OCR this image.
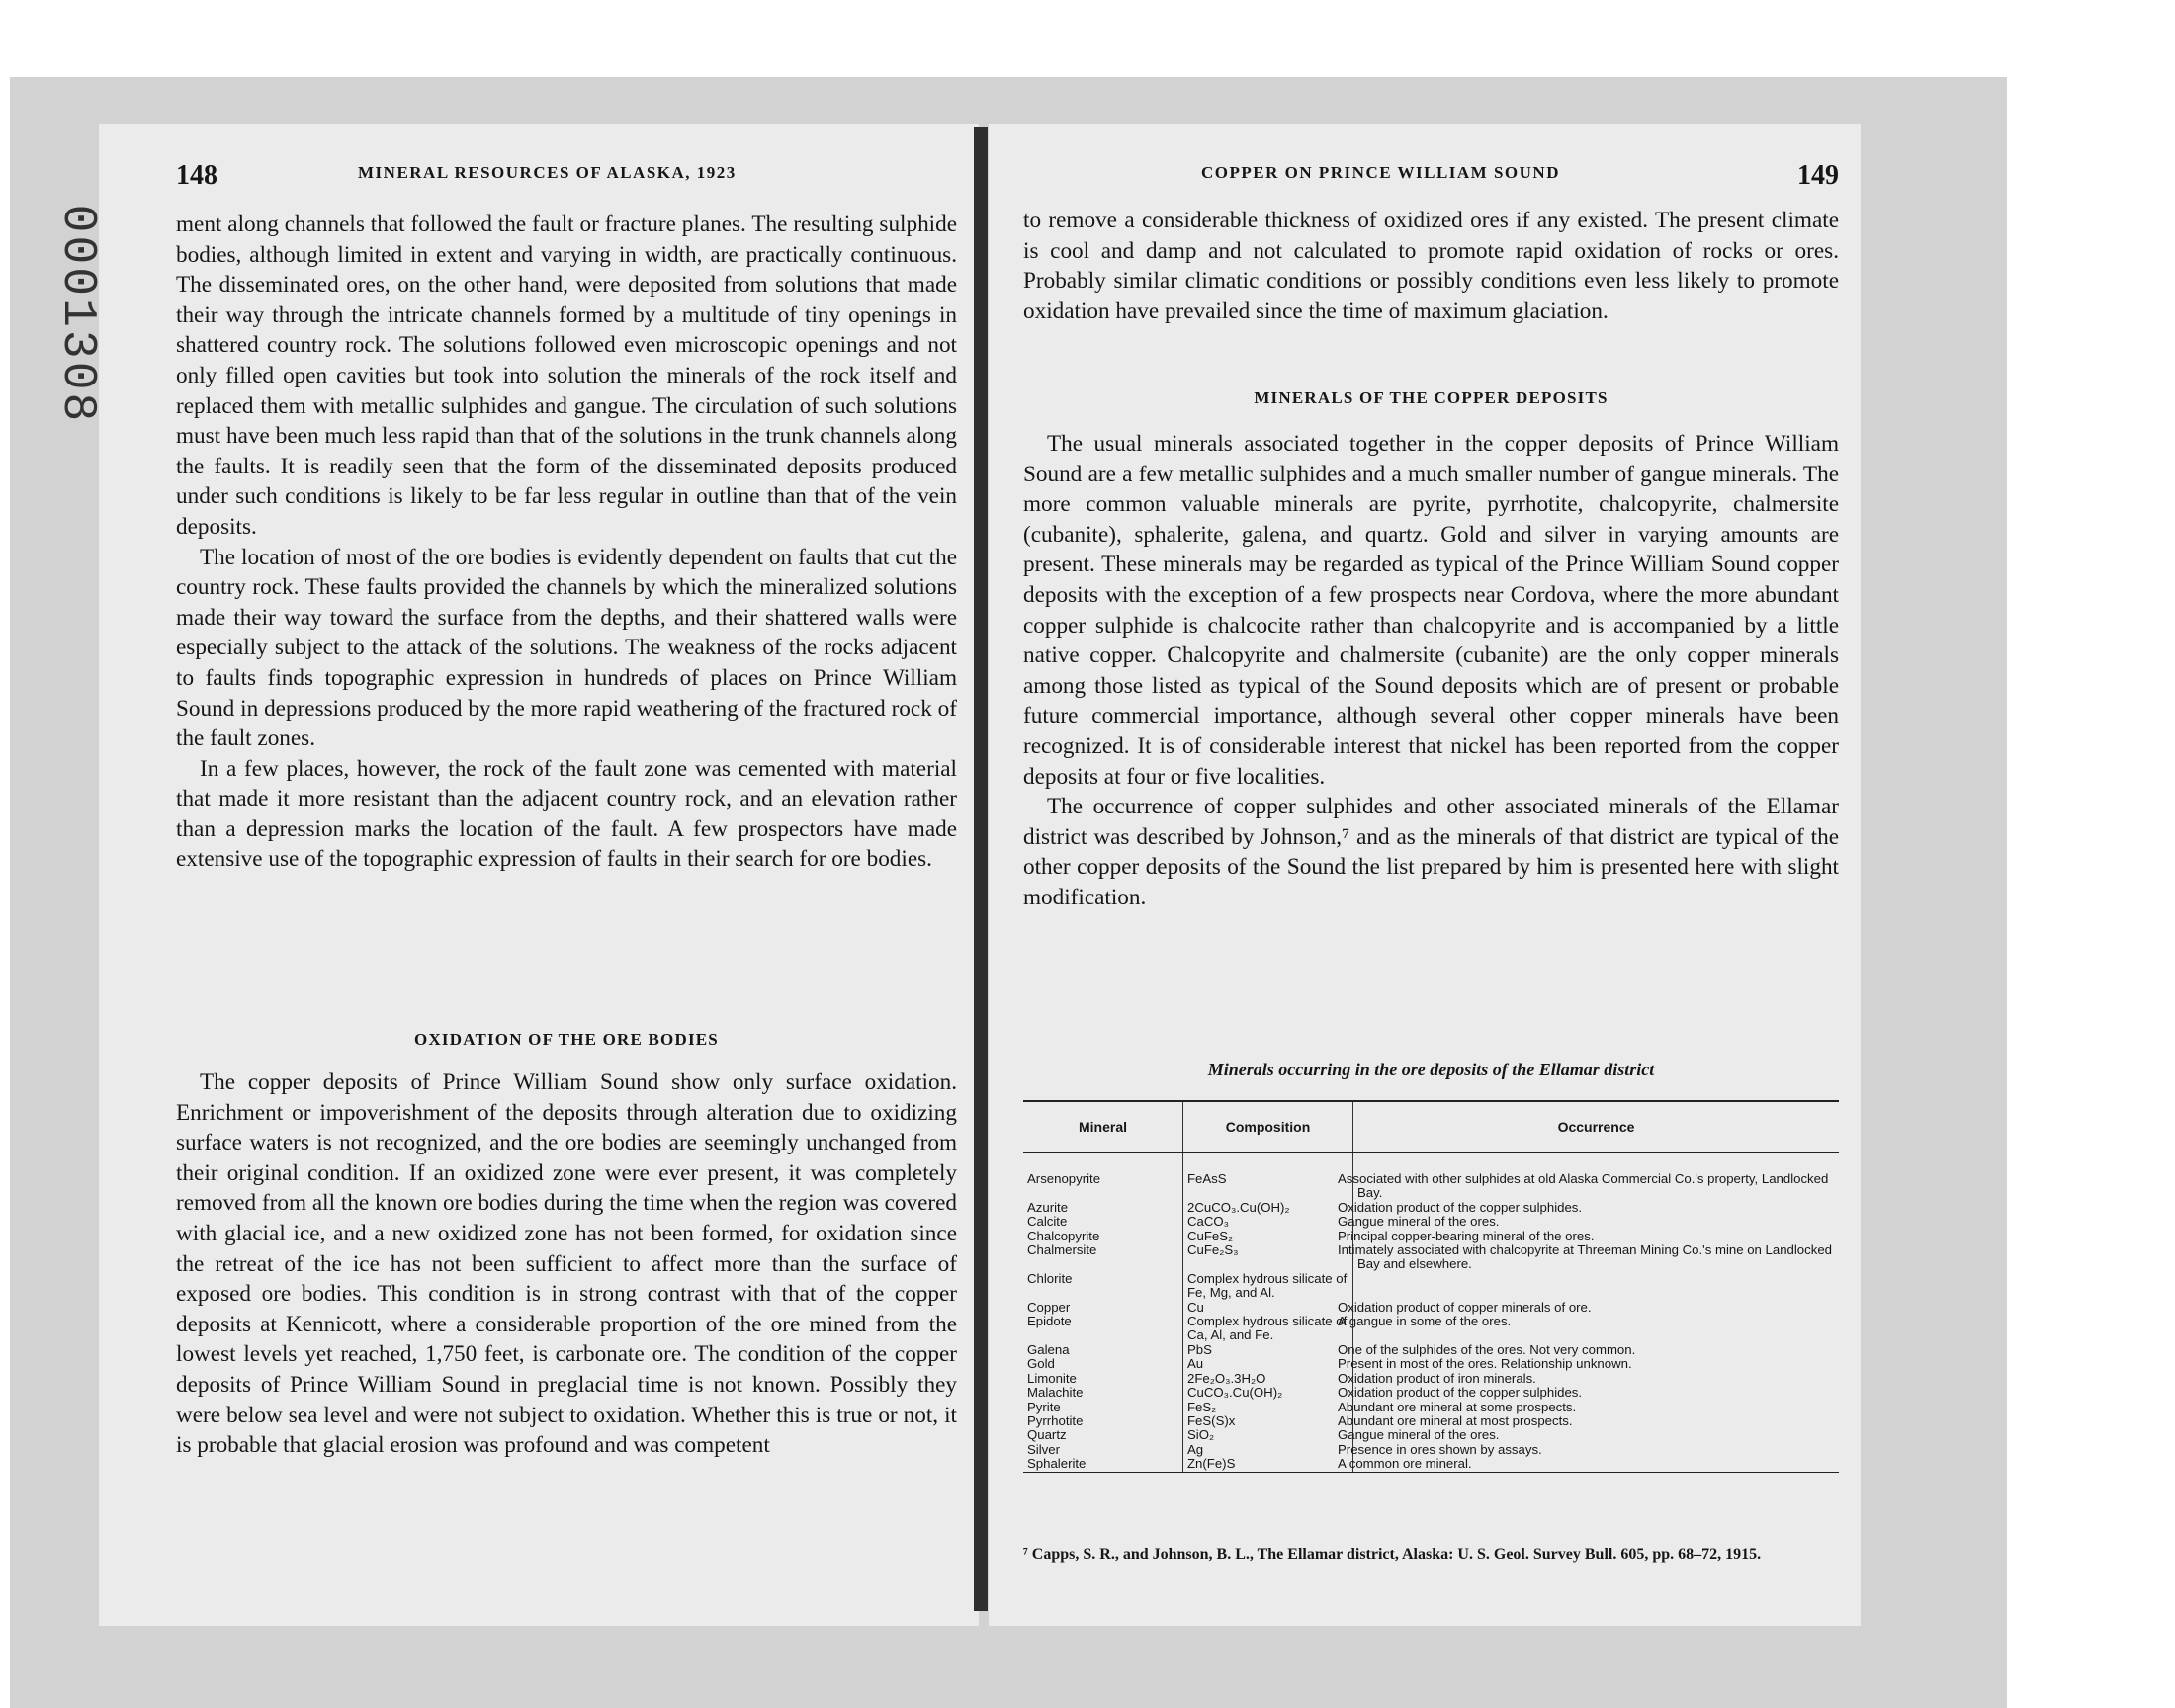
0001308
148	MINERAL RESOURCES OF ALASKA, 1923

ment along channels that followed the fault or fracture planes. The resulting sulphide bodies, although limited in extent and varying in width, are practically continuous. The disseminated ores, on the other hand, were deposited from solutions that made their way through the intricate channels formed by a multitude of tiny openings in shattered country rock. The solutions followed even microscopic openings and not only filled open cavities but took into solution the minerals of the rock itself and replaced them with metallic sulphides and gangue. The circulation of such solutions must have been much less rapid than that of the solutions in the trunk channels along the faults. It is readily seen that the form of the disseminated deposits produced under such conditions is likely to be far less regular in outline than that of the vein deposits.

The location of most of the ore bodies is evidently dependent on faults that cut the country rock. These faults provided the channels by which the mineralized solutions made their way toward the surface from the depths, and their shattered walls were especially subject to the attack of the solutions. The weakness of the rocks adjacent to faults finds topographic expression in hundreds of places on Prince William Sound in depressions produced by the more rapid weathering of the fractured rock of the fault zones.

In a few places, however, the rock of the fault zone was cemented with material that made it more resistant than the adjacent country rock, and an elevation rather than a depression marks the location of the fault. A few prospectors have made extensive use of the topographic expression of faults in their search for ore bodies.

OXIDATION OF THE ORE BODIES

The copper deposits of Prince William Sound show only surface oxidation. Enrichment or impoverishment of the deposits through alteration due to oxidizing surface waters is not recognized, and the ore bodies are seemingly unchanged from their original condition. If an oxidized zone were ever present, it was completely removed from all the known ore bodies during the time when the region was covered with glacial ice, and a new oxidized zone has not been formed, for oxidation since the retreat of the ice has not been sufficient to affect more than the surface of exposed ore bodies. This condition is in strong contrast with that of the copper deposits at Kennicott, where a considerable proportion of the ore mined from the lowest levels yet reached, 1,750 feet, is carbonate ore. The condition of the copper deposits of Prince William Sound in preglacial time is not known. Possibly they were below sea level and were not subject to oxidation. Whether this is true or not, it is probable that glacial erosion was profound and was competent

COPPER ON PRINCE WILLIAM SOUND	149

to remove a considerable thickness of oxidized ores if any existed. The present climate is cool and damp and not calculated to promote rapid oxidation of rocks or ores. Probably similar climatic conditions or possibly conditions even less likely to promote oxidation have prevailed since the time of maximum glaciation.

MINERALS OF THE COPPER DEPOSITS

The usual minerals associated together in the copper deposits of Prince William Sound are a few metallic sulphides and a much smaller number of gangue minerals. The more common valuable minerals are pyrite, pyrrhotite, chalcopyrite, chalmersite (cubanite), sphalerite, galena, and quartz. Gold and silver in varying amounts are present. These minerals may be regarded as typical of the Prince William Sound copper deposits with the exception of a few prospects near Cordova, where the more abundant copper sulphide is chalcocite rather than chalcopyrite and is accompanied by a little native copper. Chalcopyrite and chalmersite (cubanite) are the only copper minerals among those listed as typical of the Sound deposits which are of present or probable future commercial importance, although several other copper minerals have been recognized. It is of considerable interest that nickel has been reported from the copper deposits at four or five localities.

The occurrence of copper sulphides and other associated minerals of the Ellamar district was described by Johnson,⁷ and as the minerals of that district are typical of the other copper deposits of the Sound the list prepared by him is presented here with slight modification.

Minerals occurring in the ore deposits of the Ellamar district
Mineral	Composition	Occurrence
Arsenopyrite	FeAsS	Associated with other sulphides at old Alaska Commercial Co.'s property, Landlocked Bay.
Azurite	2CuCO₃.Cu(OH)₂	Oxidation product of the copper sulphides.
Calcite	CaCO₃	Gangue mineral of the ores.
Chalcopyrite	CuFeS₂	Principal copper-bearing mineral of the ores.
Chalmersite	CuFe₂S₃	Intimately associated with chalcopyrite at Threeman Mining Co.'s mine on Landlocked Bay and elsewhere.
Chlorite	Complex hydrous silicate of Fe, Mg, and Al.	
Copper	Cu	Oxidation product of copper minerals of ore.
Epidote	Complex hydrous silicate of Ca, Al, and Fe.	A gangue in some of the ores.
Galena	PbS	One of the sulphides of the ores. Not very common.
Gold	Au	Present in most of the ores. Relationship unknown.
Limonite	2Fe₂O₃.3H₂O	Oxidation product of iron minerals.
Malachite	CuCO₃.Cu(OH)₂	Oxidation product of the copper sulphides.
Pyrite	FeS₂	Abundant ore mineral at some prospects.
Pyrrhotite	FeS(S)x	Abundant ore mineral at most prospects.
Quartz	SiO₂	Gangue mineral of the ores.
Silver	Ag	Presence in ores shown by assays.
Sphalerite	Zn(Fe)S	A common ore mineral.
⁷ Capps, S. R., and Johnson, B. L., The Ellamar district, Alaska: U. S. Geol. Survey Bull. 605, pp. 68–72, 1915.
